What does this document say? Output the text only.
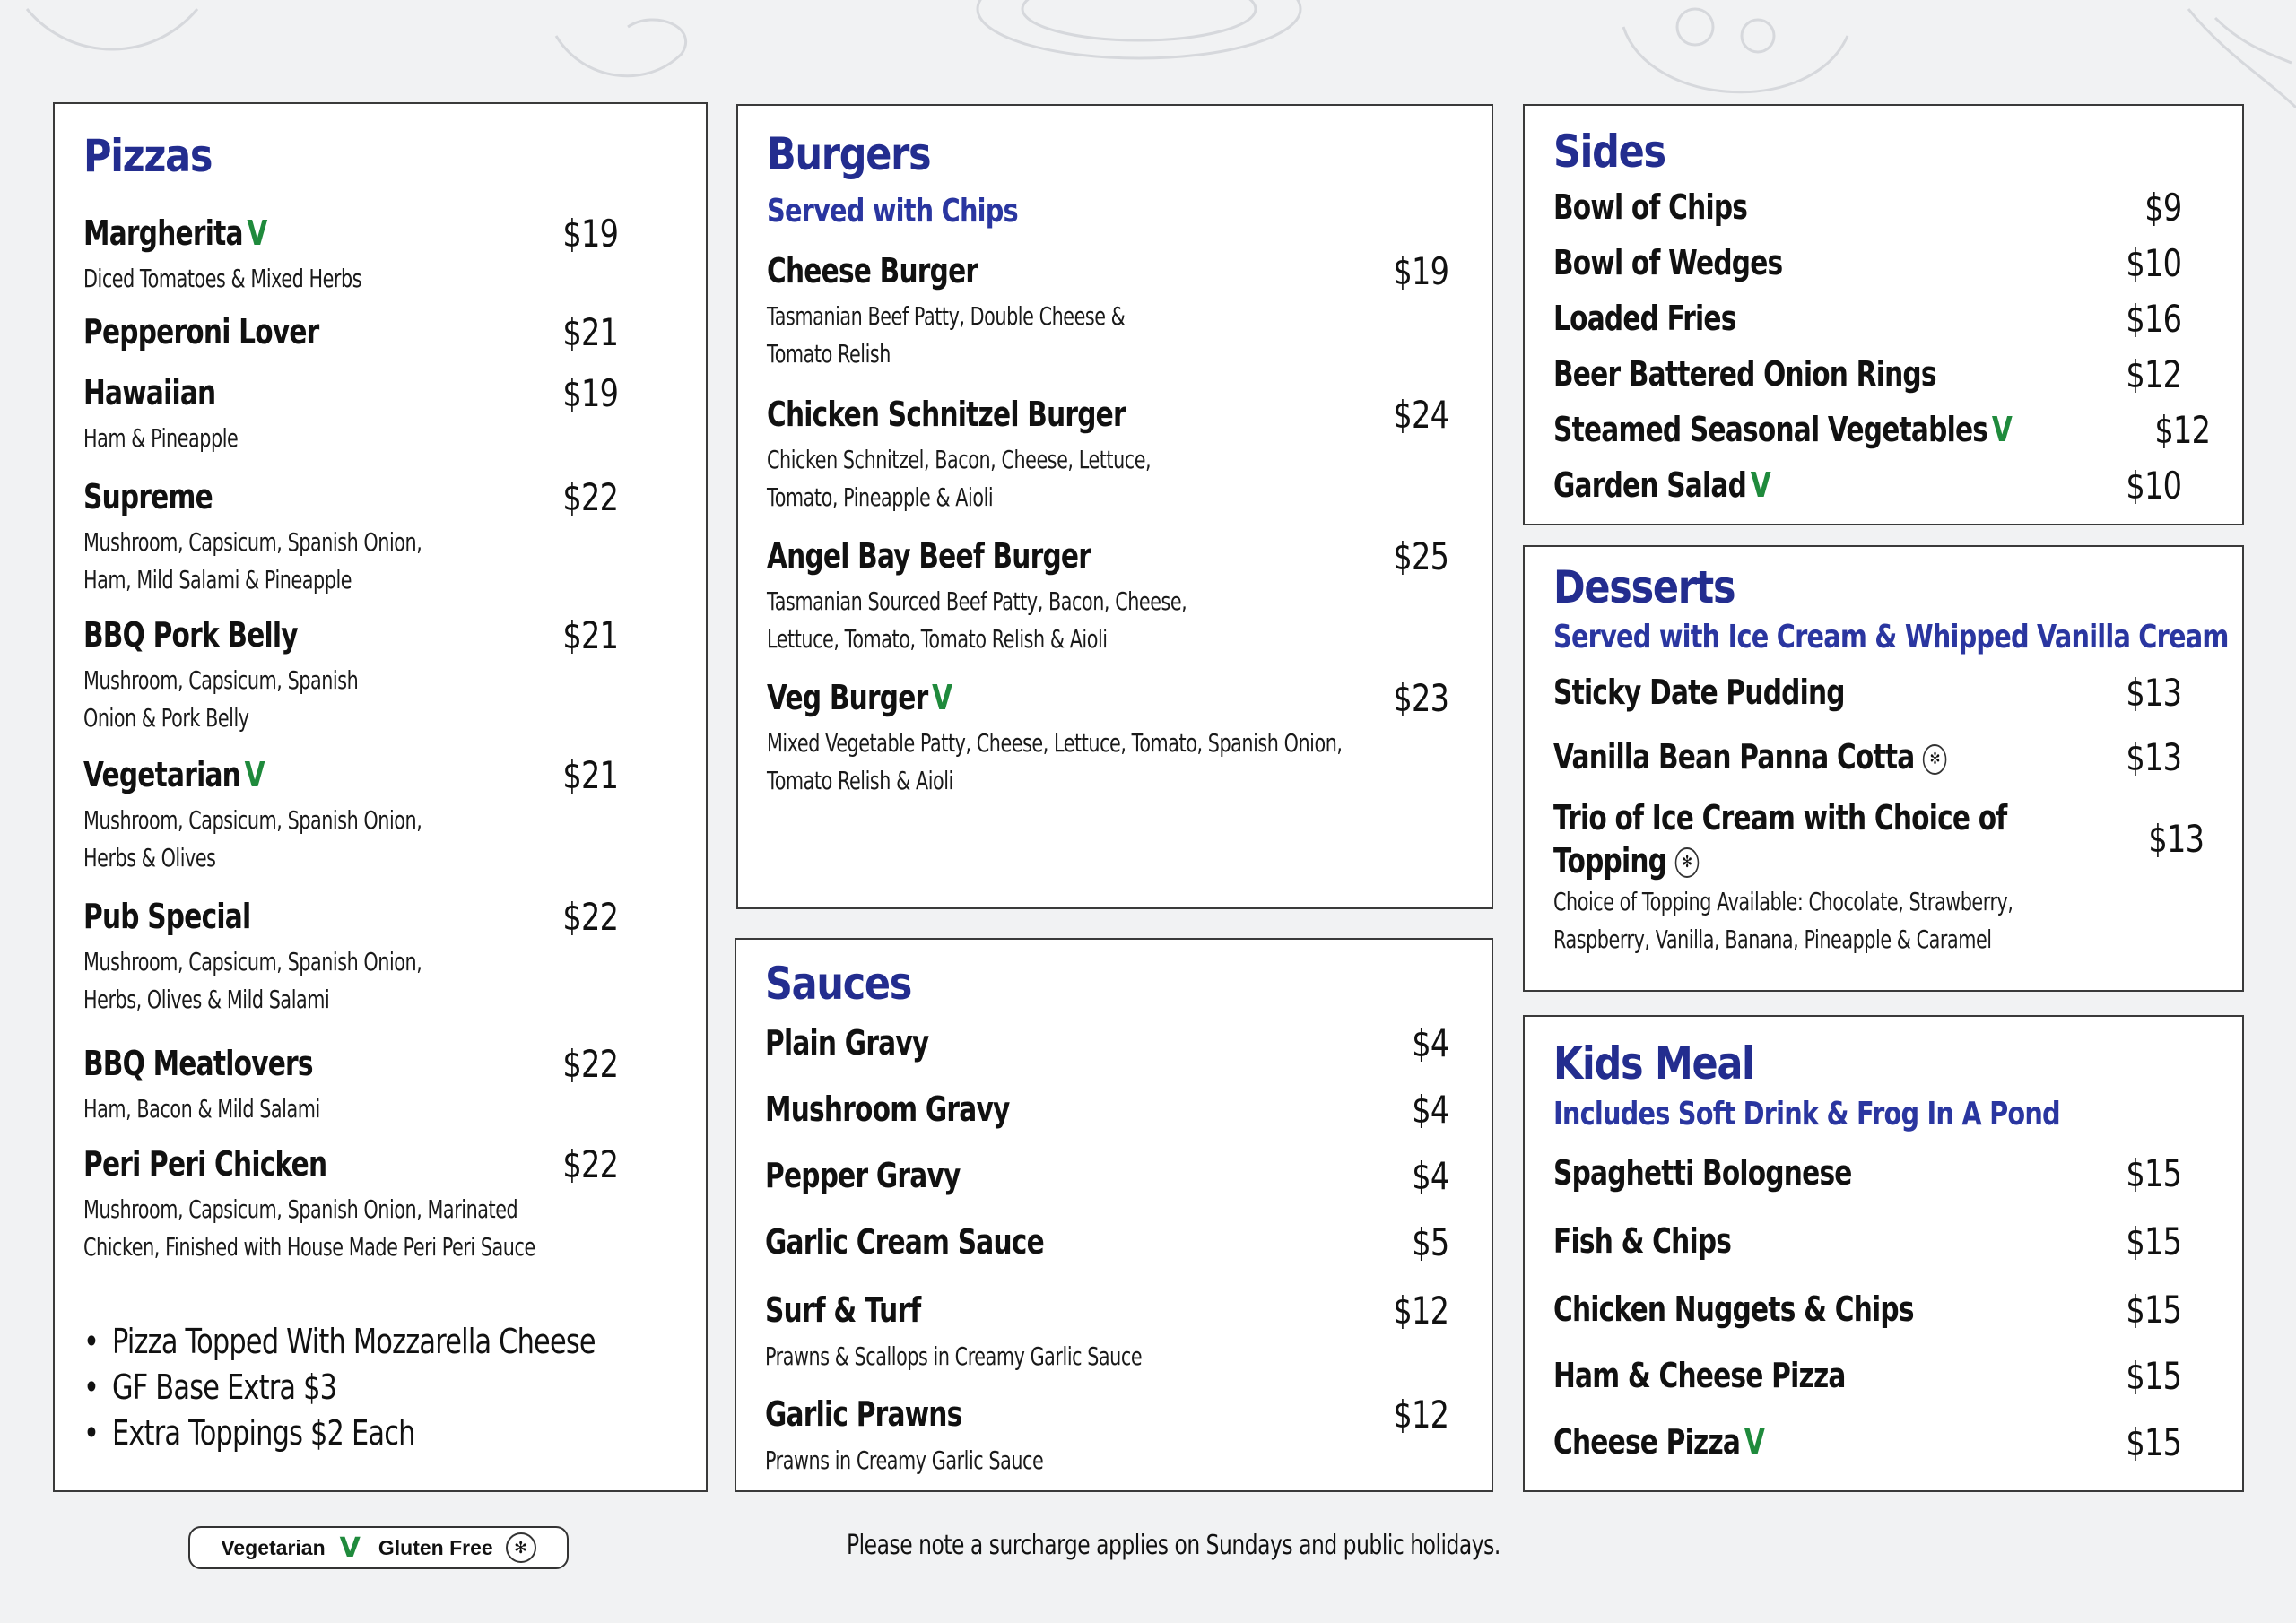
Pizzas
Margherita V	$19
Diced Tomatoes & Mixed Herbs
Pepperoni Lover	$21
Hawaiian	$19
Ham & Pineapple
Supreme	$22
Mushroom, Capsicum, Spanish Onion,
Ham, Mild Salami & Pineapple
BBQ Pork Belly	$21
Mushroom, Capsicum, Spanish
Onion & Pork Belly
Vegetarian V	$21
Mushroom, Capsicum, Spanish Onion,
Herbs & Olives
Pub Special	$22
Mushroom, Capsicum, Spanish Onion,
Herbs, Olives & Mild Salami
BBQ Meatlovers	$22
Ham, Bacon & Mild Salami
Peri Peri Chicken	$22
Mushroom, Capsicum, Spanish Onion, Marinated
Chicken, Finished with House Made Peri Peri Sauce
• Pizza Topped With Mozzarella Cheese
• GF Base Extra $3
• Extra Toppings $2 Each
Burgers
Served with Chips
Cheese Burger	$19
Tasmanian Beef Patty, Double Cheese &
Tomato Relish
Chicken Schnitzel Burger	$24
Chicken Schnitzel, Bacon, Cheese, Lettuce,
Tomato, Pineapple & Aioli
Angel Bay Beef Burger	$25
Tasmanian Sourced Beef Patty, Bacon, Cheese,
Lettuce, Tomato, Tomato Relish & Aioli
Veg Burger V	$23
Mixed Vegetable Patty, Cheese, Lettuce, Tomato, Spanish Onion,
Tomato Relish & Aioli
Sauces
Plain Gravy	$4
Mushroom Gravy	$4
Pepper Gravy	$4
Garlic Cream Sauce	$5
Surf & Turf	$12
Prawns & Scallops in Creamy Garlic Sauce
Garlic Prawns	$12
Prawns in Creamy Garlic Sauce
Sides
Bowl of Chips	$9
Bowl of Wedges	$10
Loaded Fries	$16
Beer Battered Onion Rings	$12
Steamed Seasonal Vegetables V	$12
Garden Salad V	$10
Desserts
Served with Ice Cream & Whipped Vanilla Cream
Sticky Date Pudding	$13
Vanilla Bean Panna Cotta ✻	$13
Trio of Ice Cream with Choice of
Topping ✻
$13
Choice of Topping Available: Chocolate, Strawberry,
Raspberry, Vanilla, Banana, Pineapple & Caramel
Kids Meal
Includes Soft Drink & Frog In A Pond
Spaghetti Bolognese	$15
Fish & Chips	$15
Chicken Nuggets & Chips	$15
Ham & Cheese Pizza	$15
Cheese Pizza V	$15
Vegetarian V Gluten Free	✻	Please note a surcharge applies on Sundays and public holidays.
